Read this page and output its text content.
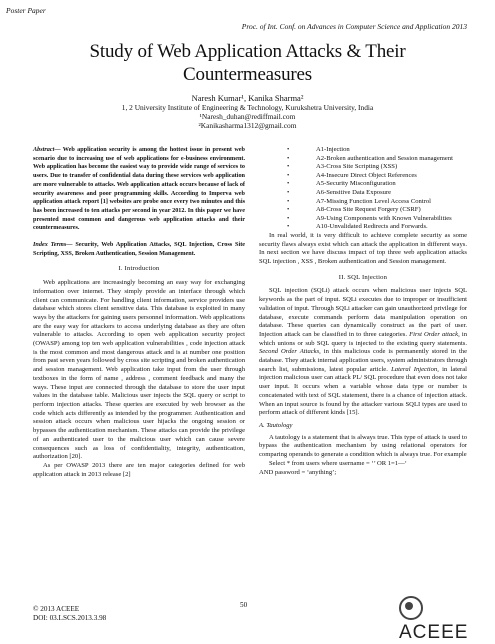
Poster Paper
Proc. of Int. Conf. on Advances in Computer Science and Application 2013
Study of Web Application Attacks & Their
Countermeasures
Naresh Kumar¹, Kanika Sharma²
1, 2 University Institute of Engineering & Technology, Kurukshetra University, India
¹Naresh_duhan@rediffmail.com
²Kanikasharma1312@gmail.com

Abstract— Web application security is among the hottest issue in present web scenario due to increasing use of web applications for e-business environment. Web application has become the easiest way to provide wide range of services to users. Due to transfer of confidential data during these services web application are more vulnerable to attacks. Web application attack occurs because of lack of security awareness and poor programming skills. According to Imperva web application attack report [1] websites are probe once every two minutes and this has been increased to ten attacks per second in year 2012. In this paper we have presented most common and dangerous web application attacks and their countermeasures.

Index Terms— Security, Web Application Attacks, SQL Injection, Cross Site Scripting, XSS, Broken Authentication, Session Management.

I. Introduction

Web applications are increasingly becoming an easy way for exchanging information over internet. They simply provide an interface through which client can communicate. For handling client information, service providers use database which stores client sensitive data. This database is exploited in many ways by the attackers for gaining users personnel information. Web applications are the easy way for attackers to access underlying database as they are often vulnerable to attacks. According to open web application security project (OWASP) among top ten web application vulnerabilities , code injection attack is the most common and most dangerous attack and is at number one position from past seven years followed by cross site scripting and broken authentication and session management. Web application take input from the user through textboxes in the form of name , address , comment feedback and many the ways. These input are connected through the database to store the user input values in the database table. Malicious user injects the SQL query or script to perform injection attacks. These queries are executed by web browser as the code which acts differently as intended by the programmer. Authentication and session attack occurs when malicious user hijacks the ongoing session or bypasses the authentication mechanism. These attacks can provide the privilege of an authenticated user to the malicious user which can cause severe consequences such as loss of confidentiality, integrity, authentication, authorization [20].

As per OWASP 2013 there are ten major categories defined for web application attack in 2013 release [2]

•	A1-Injection
•	A2-Broken authentication and Session management
•	A3-Cross Site Scripting (XSS)
•	A4-Insecure Direct Object References
•	A5-Security Misconfiguration
•	A6-Sensitive Data Exposure
•	A7-Missing Function Level Access Control
•	A8-Cross Site Request Forgery (CSRF)
•	A9-Using Components with Known Vulnerabilities
•	A10-Unvalidated Redirects and Forwards.

In real world, it is very difficult to achieve complete security as some security flaws always exist which can attack the application in different ways. In next section we have discuss impact of top three web application attacks SQL injection , XSS , Broken authentication and Session management.

II. SQL Injection

SQL injection (SQLi) attack occurs when malicious user injects SQL keywords as the part of input. SQLi executes due to improper or insufficient validation of input. Through SQLi attacker can gain unauthorized privilege for database, execute commands perform data manipulation operation on database. These queries can dynamically construct as the part of user. Injection attack can be classified in to three categories. First Order attack, in which unions or sub SQL query is injected to the existing query statements. Second Order Attacks, in this malicious code is permanently stored in the database. They attack internal application users, system administrators through search list, submissions, latest popular article. Lateral Injection, in lateral injection malicious user can attack PL/ SQL procedure that even does not take user input. It occurs when a variable whose data type or number is concatenated with text of SQL statement, there is a chance of injection attack. When an input source is found by the attacker various SQLI types are used to perform attack of different kinds [15].

A. Tautology

A tautology is a statement that is always true. This type of attack is used to bypass the authentication mechanism by using relational operators for comparing operands to generate a condition which is always true. For example

Select * from users where username = ‘’ OR 1=1—‘

AND password = ‘anything’;

© 2013 ACEEE
DOI: 03.LSCS.2013.3.98
50
ACEEE
